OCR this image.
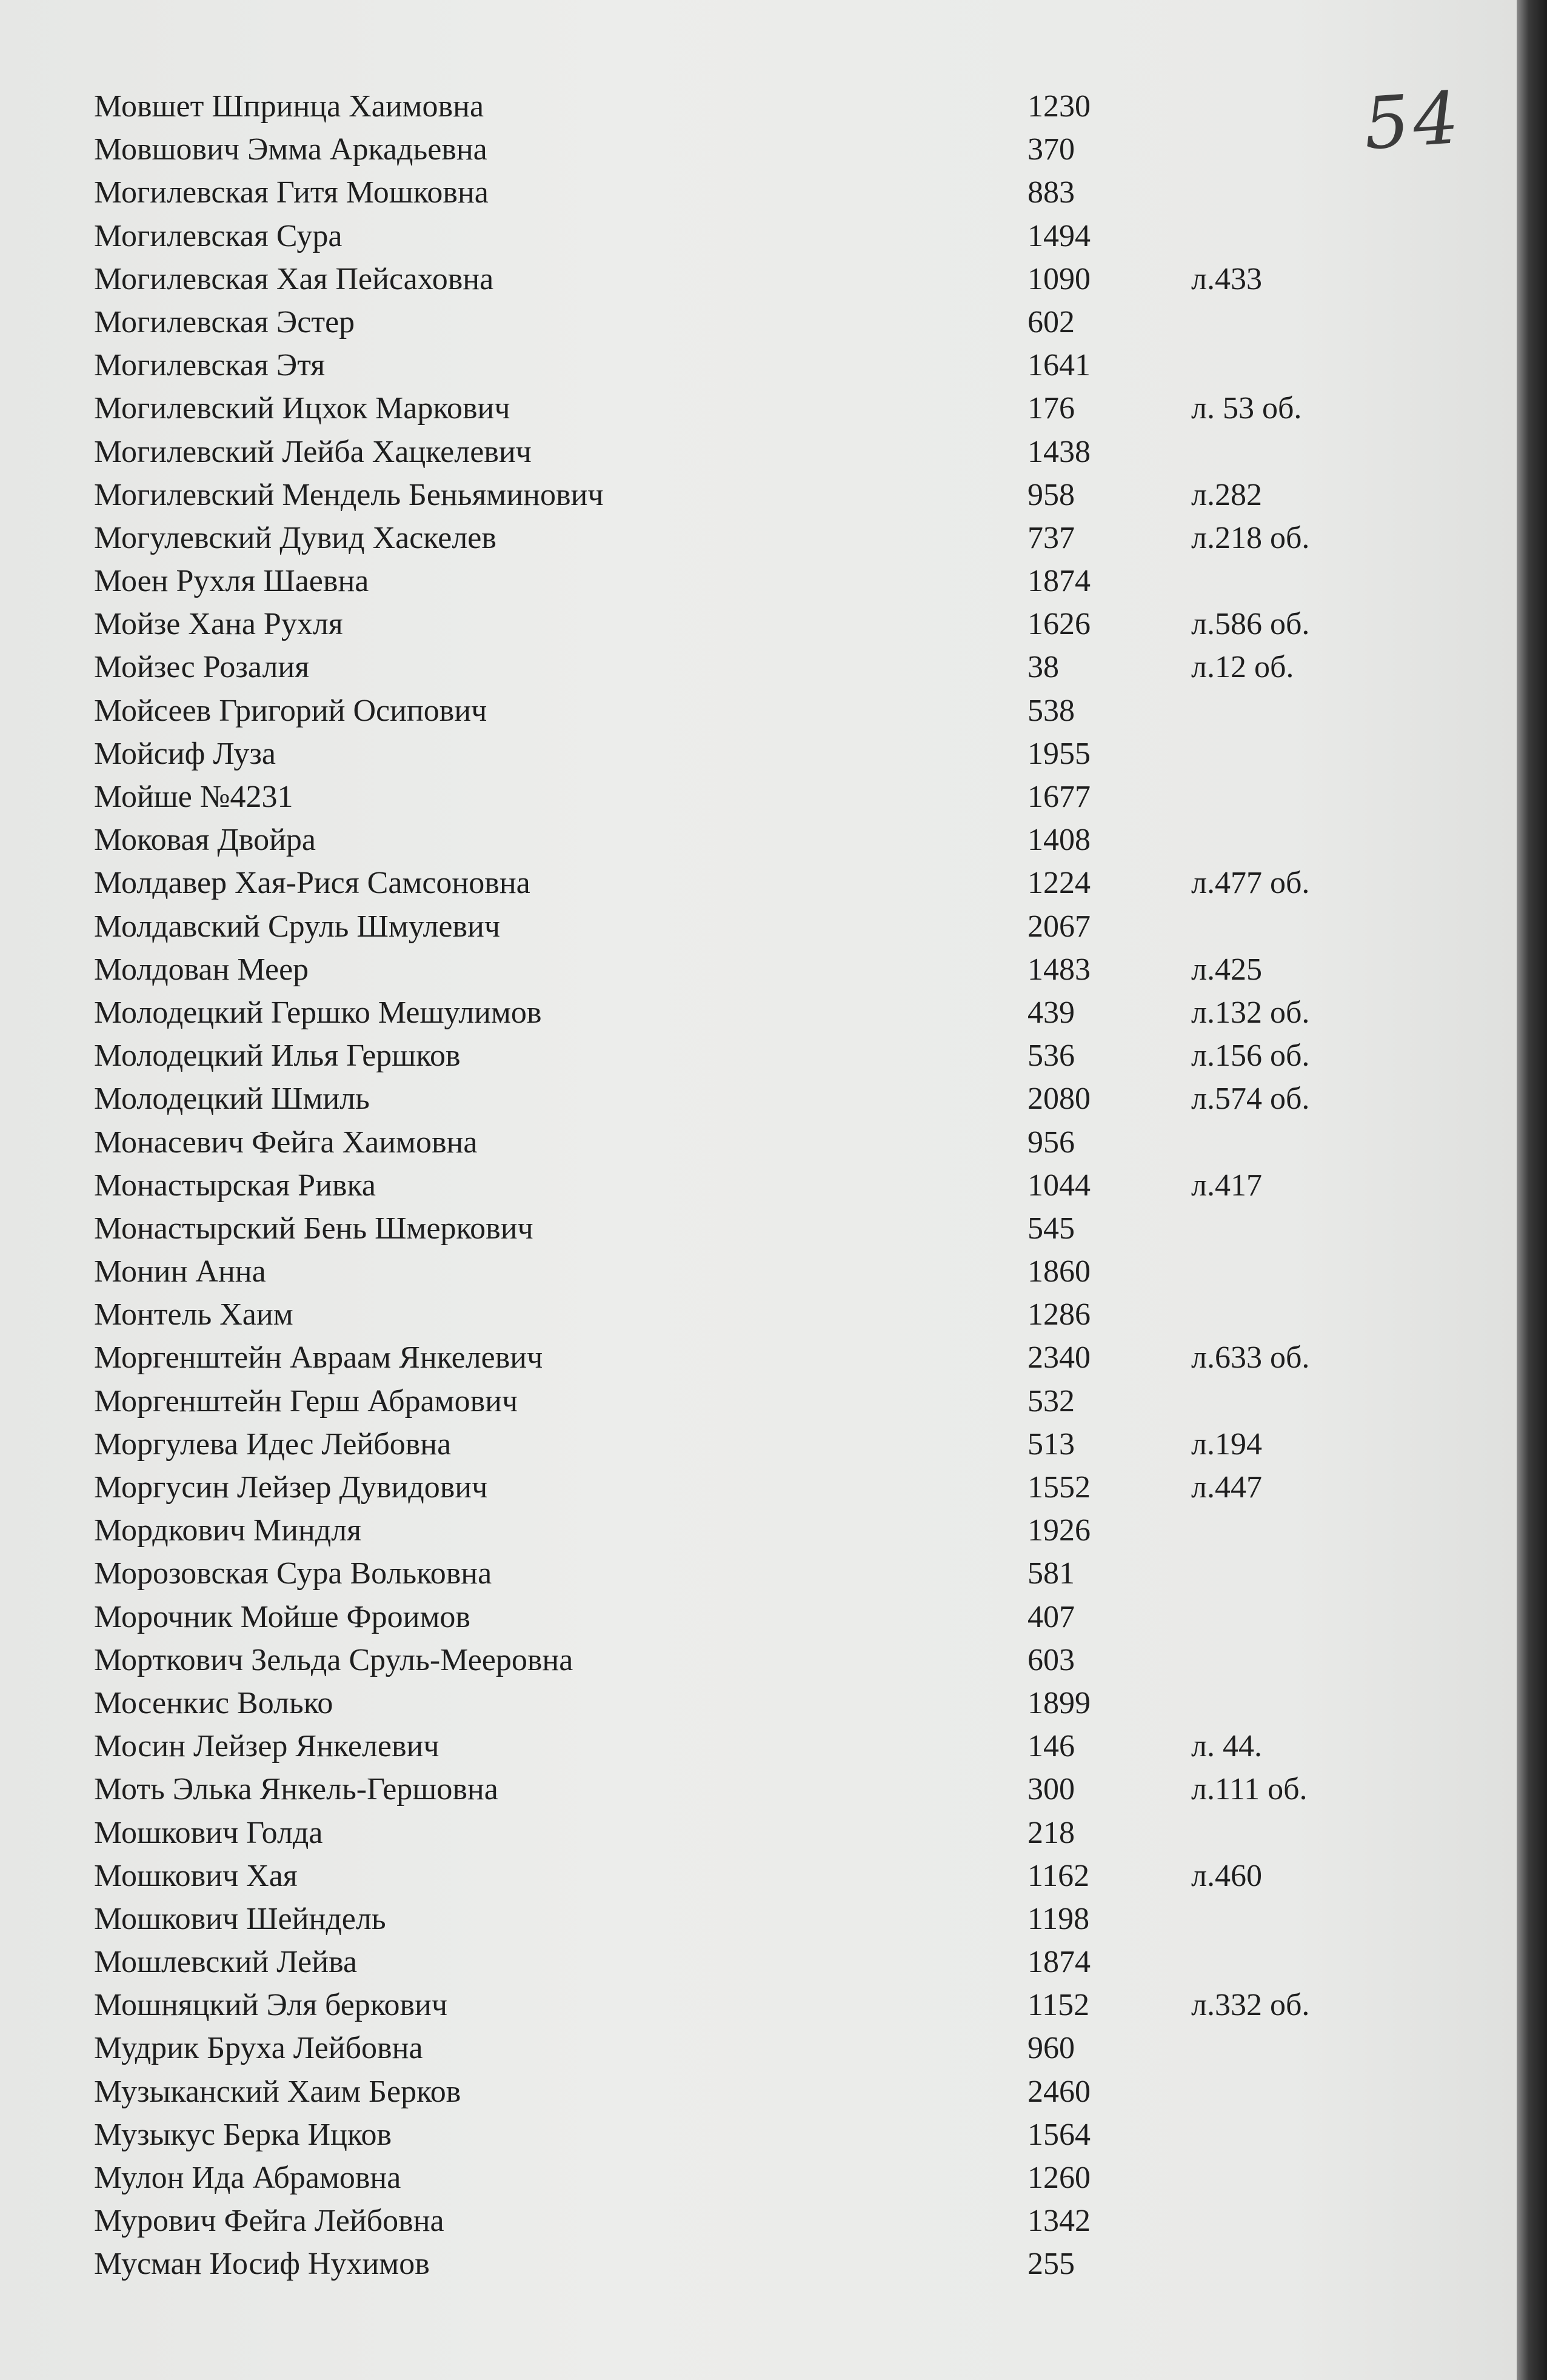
54
Мовшет Шпринца Хаимовна	1230
Мовшович Эмма Аркадьевна	370
Могилевская Гитя Мошковна	883
Могилевская Сура	1494
Могилевская Хая Пейсаховна	1090	л.433
Могилевская Эстер	602
Могилевская Этя	1641
Могилевский Ицхок Маркович	176	л. 53 об.
Могилевский Лейба Хацкелевич	1438
Могилевский Мендель Беньяминович	958	л.282
Могулевский Дувид Хаскелев	737	л.218 об.
Моен Рухля Шаевна	1874
Мойзе Хана Рухля	1626	л.586 об.
Мойзес Розалия	38	л.12 об.
Мойсеев Григорий Осипович	538
Мойсиф Луза	1955
Мойше №4231	1677
Моковая Двойра	1408
Молдавер Хая-Рися Самсоновна	1224	л.477 об.
Молдавский Сруль Шмулевич	2067
Молдован Меер	1483	л.425
Молодецкий Гершко Мешулимов	439	л.132 об.
Молодецкий Илья Гершков	536	л.156 об.
Молодецкий Шмиль	2080	л.574 об.
Монасевич Фейга Хаимовна	956
Монастырская Ривка	1044	л.417
Монастырский Бень Шмеркович	545
Монин Анна	1860
Монтель Хаим	1286
Моргенштейн Авраам Янкелевич	2340	л.633 об.
Моргенштейн Герш Абрамович	532
Моргулева Идес Лейбовна	513	л.194
Моргусин Лейзер Дувидович	1552	л.447
Мордкович Миндля	1926
Морозовская Сура Вольковна	581
Морочник Мойше Фроимов	407
Морткович Зельда Сруль-Мееровна	603
Мосенкис Волько	1899
Мосин Лейзер Янкелевич	146	л. 44.
Моть Элька Янкель-Гершовна	300	л.111 об.
Мошкович Голда	218
Мошкович Хая	1162	л.460
Мошкович Шейндель	1198
Мошлевский Лейва	1874
Мошняцкий Эля беркович	1152	л.332 об.
Мудрик Бруха Лейбовна	960
Музыканский Хаим Берков	2460
Музыкус Берка Ицков	1564
Мулон Ида Абрамовна	1260
Мурович Фейга Лейбовна	1342
Мусман Иосиф Нухимов	255
